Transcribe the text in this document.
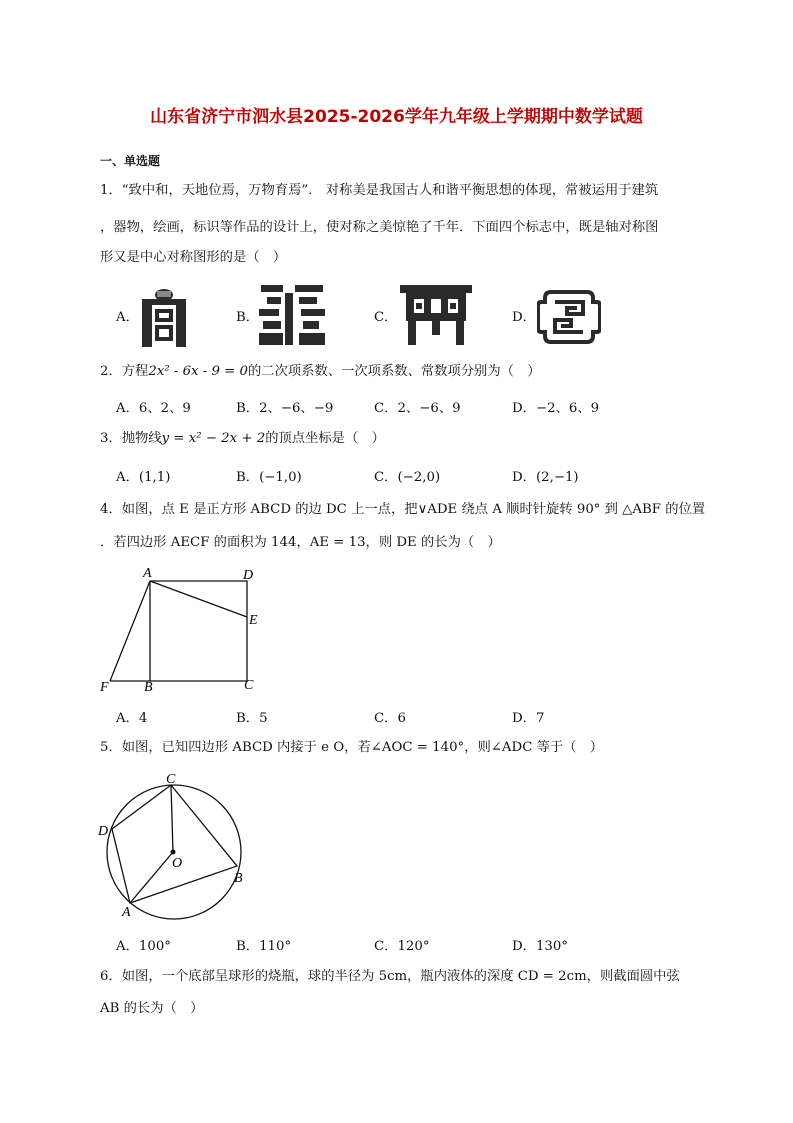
山东省济宁市泗水县2025-2026学年九年级上学期期中数学试题
一、单选题
1．“致中和，天地位焉，万物育焉”． 对称美是我国古人和谐平衡思想的体现，常被运用于建筑
，器物，绘画，标识等作品的设计上，使对称之美惊艳了千年．下面四个标志中，既是轴对称图
形又是中心对称图形的是（　）
A．	B．	C．	D．
2．方程2x² - 6x - 9 = 0的二次项系数、一次项系数、常数项分别为（　）
A．6、2、9	B．2、−6、−9	C．2、−6、9	D．−2、6、9
3．抛物线y = x² − 2x + 2的顶点坐标是（　）
A．(1,1)	B．(−1,0)	C．(−2,0)	D．(2,−1)
4．如图，点 E 是正方形 ABCD 的边 DC 上一点，把∨ADE 绕点 A 顺时针旋转 90° 到 △ABF 的位置
．若四边形 AECF 的面积为 144，AE = 13，则 DE 的长为（　）
A	D
E
F	B	C
A．4	B．5	C．6	D．7
5．如图，已知四边形 ABCD 内接于 e O，若∠AOC = 140°，则∠ADC 等于（　）
C
D
O
B
A
A．100°	B．110°	C．120°	D．130°
6．如图，一个底部呈球形的烧瓶，球的半径为 5cm，瓶内液体的深度 CD = 2cm，则截面圆中弦
AB 的长为（　）
